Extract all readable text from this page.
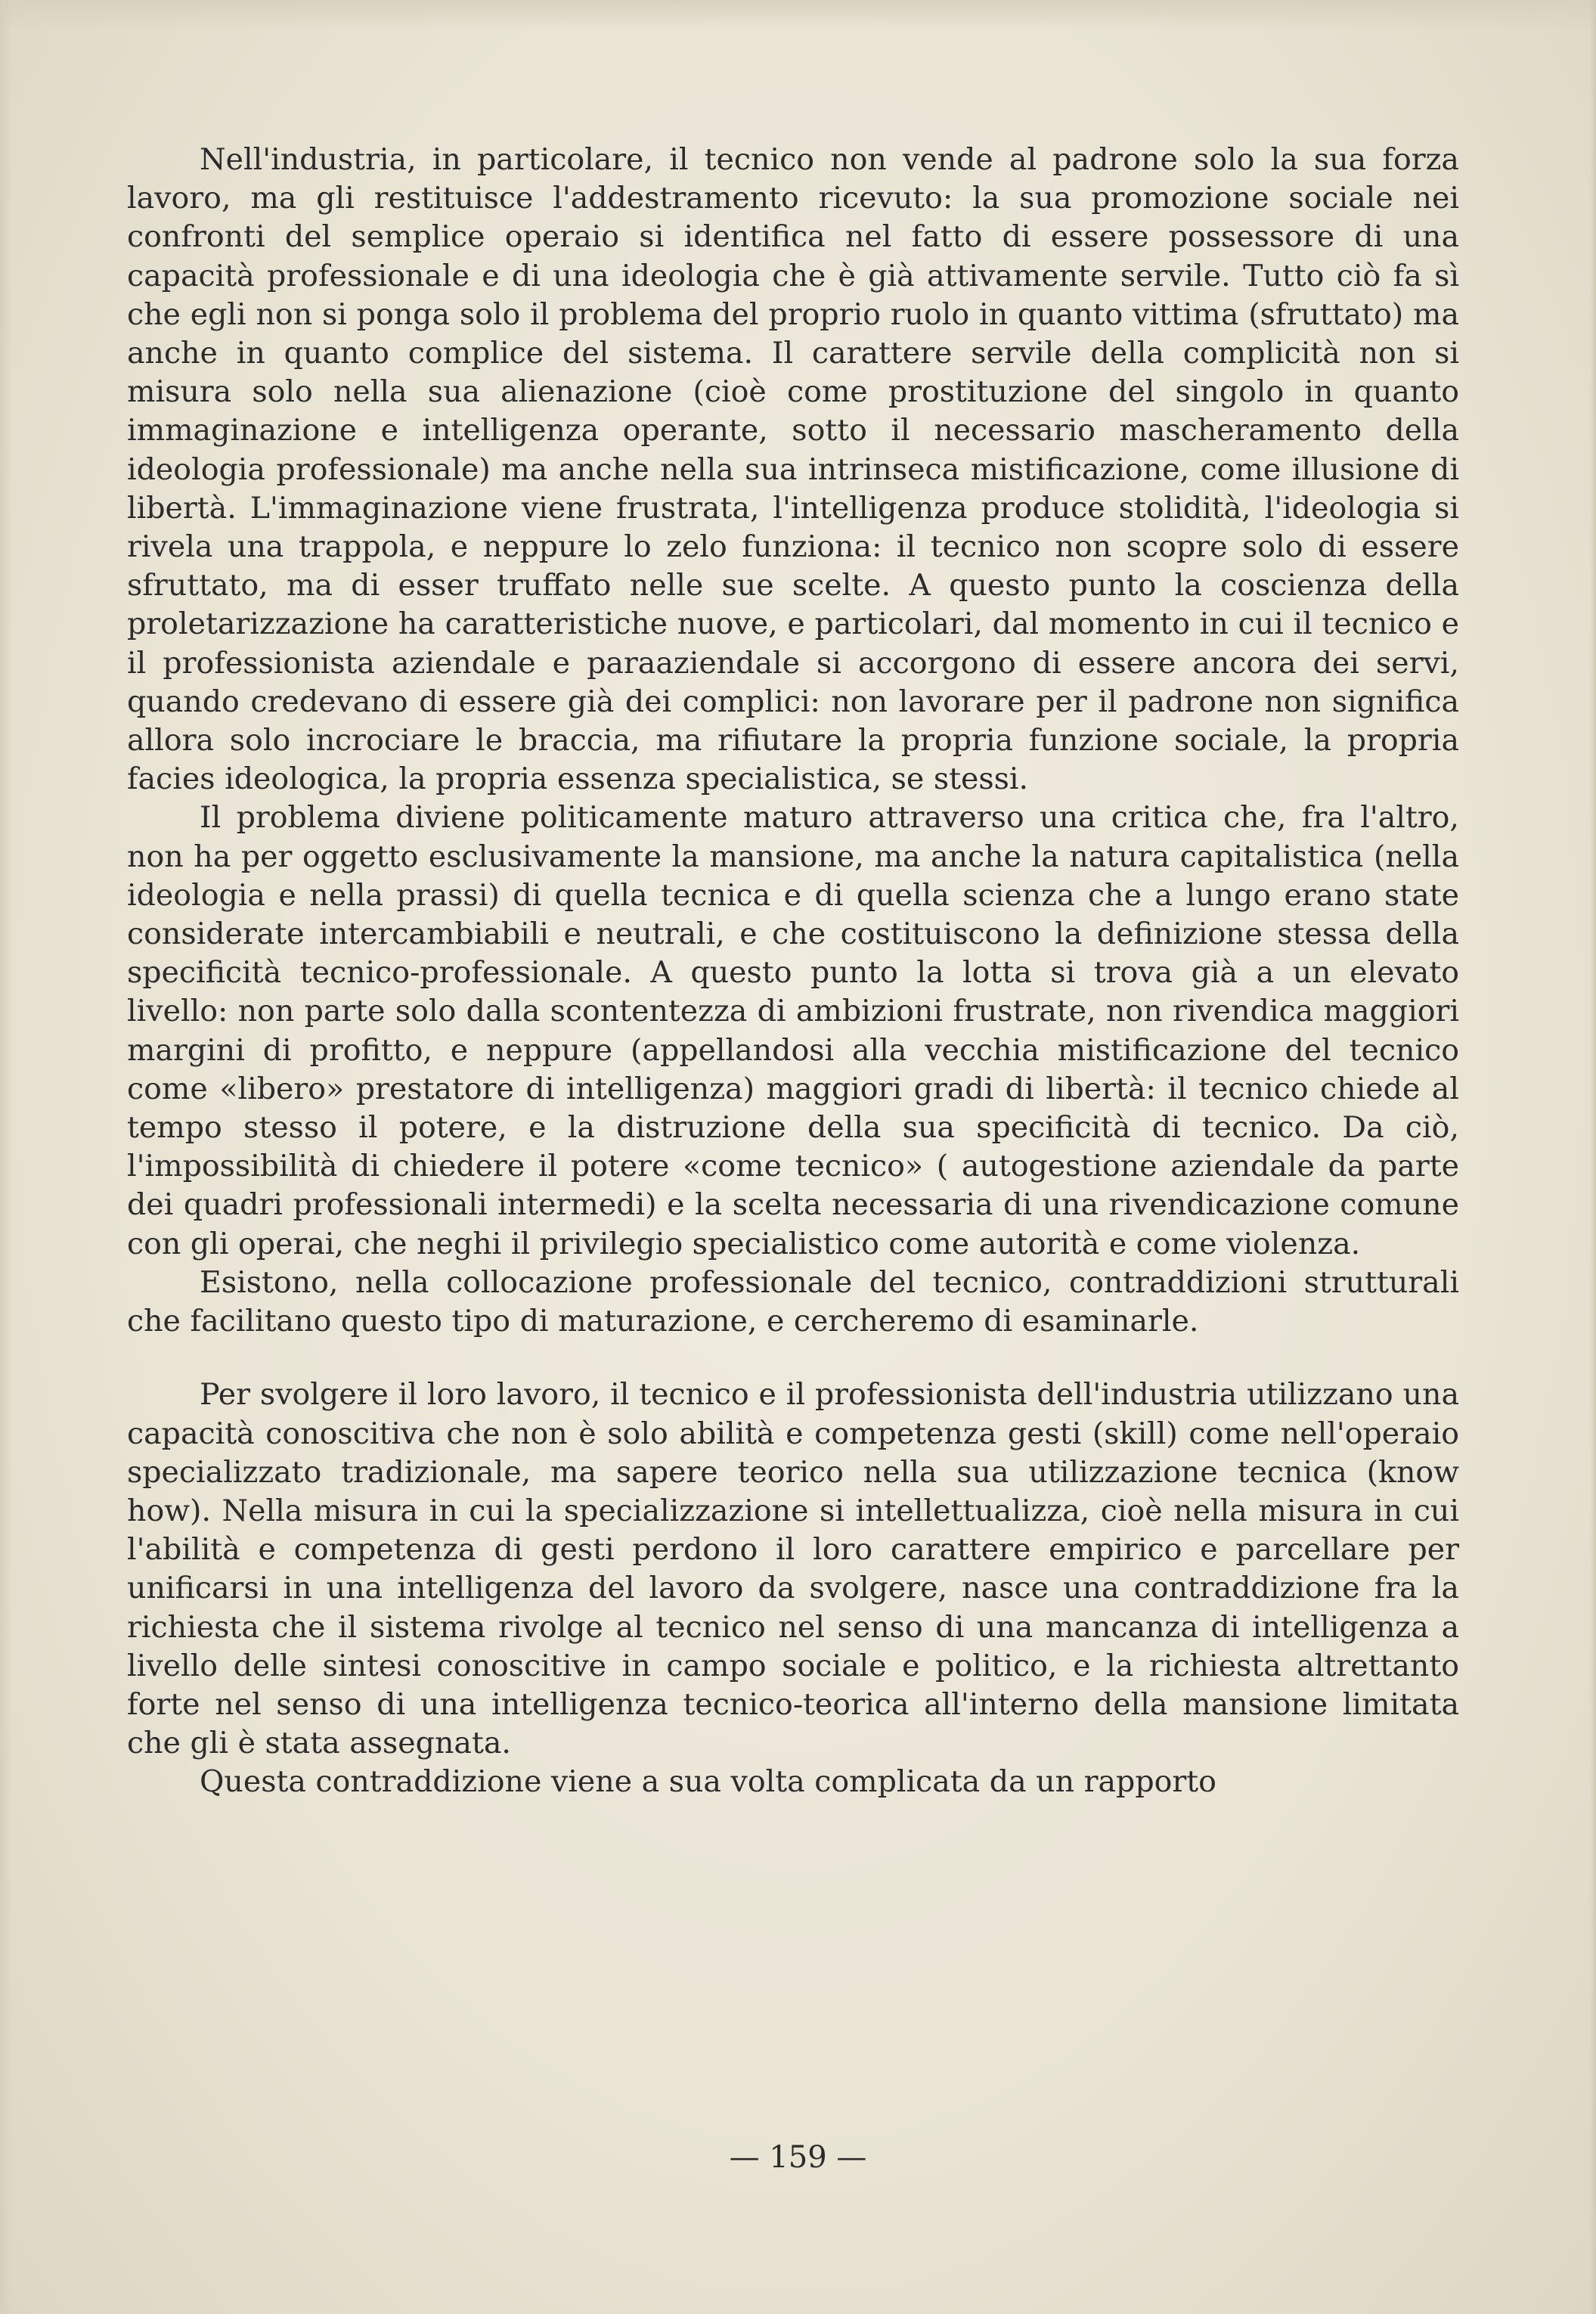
Nell'industria, in particolare, il tecnico non vende al padrone solo la sua forza lavoro, ma gli restituisce l'addestramento ricevuto: la sua promozione sociale nei confronti del semplice operaio si identifica nel fatto di essere possessore di una capacità professionale e di una ideologia che è già attivamente servile. Tutto ciò fa sì che egli non si ponga solo il problema del proprio ruolo in quanto vittima (sfruttato) ma anche in quanto complice del sistema. Il carattere servile della complicità non si misura solo nella sua alienazione (cioè come prostituzione del singolo in quanto immaginazione e intelligenza operante, sotto il necessario mascheramento della ideologia professionale) ma anche nella sua intrinseca mistificazione, come illusione di libertà. L'immaginazione viene frustrata, l'intelligenza produce stolidità, l'ideologia si rivela una trappola, e neppure lo zelo funziona: il tecnico non scopre solo di essere sfruttato, ma di esser truffato nelle sue scelte. A questo punto la coscienza della proletarizzazione ha caratteristiche nuove, e particolari, dal momento in cui il tecnico e il professionista aziendale e paraaziendale si accorgono di essere ancora dei servi, quando credevano di essere già dei complici: non lavorare per il padrone non significa allora solo incrociare le braccia, ma rifiutare la propria funzione sociale, la propria facies ideologica, la propria essenza specialistica, se stessi.

Il problema diviene politicamente maturo attraverso una critica che, fra l'altro, non ha per oggetto esclusivamente la mansione, ma anche la natura capitalistica (nella ideologia e nella prassi) di quella tecnica e di quella scienza che a lungo erano state considerate intercambiabili e neutrali, e che costituiscono la definizione stessa della specificità tecnico-professionale. A questo punto la lotta si trova già a un elevato livello: non parte solo dalla scontentezza di ambizioni frustrate, non rivendica maggiori margini di profitto, e neppure (appellandosi alla vecchia mistificazione del tecnico come «libero» prestatore di intelligenza) maggiori gradi di libertà: il tecnico chiede al tempo stesso il potere, e la distruzione della sua specificità di tecnico. Da ciò, l'impossibilità di chiedere il potere «come tecnico» ( autogestione aziendale da parte dei quadri professionali intermedi) e la scelta necessaria di una rivendicazione comune con gli operai, che neghi il privilegio specialistico come autorità e come violenza.

Esistono, nella collocazione professionale del tecnico, contraddizioni strutturali che facilitano questo tipo di maturazione, e cercheremo di esaminarle.

Per svolgere il loro lavoro, il tecnico e il professionista dell'industria utilizzano una capacità conoscitiva che non è solo abilità e competenza gesti (skill) come nell'operaio specializzato tradizionale, ma sapere teorico nella sua utilizzazione tecnica (know how). Nella misura in cui la specializzazione si intellettualizza, cioè nella misura in cui l'abilità e competenza di gesti perdono il loro carattere empirico e parcellare per unificarsi in una intelligenza del lavoro da svolgere, nasce una contraddizione fra la richiesta che il sistema rivolge al tecnico nel senso di una mancanza di intelligenza a livello delle sintesi conoscitive in campo sociale e politico, e la richiesta altrettanto forte nel senso di una intelligenza tecnico-teorica all'interno della mansione limitata che gli è stata assegnata.

Questa contraddizione viene a sua volta complicata da un rapporto

— 159 —
